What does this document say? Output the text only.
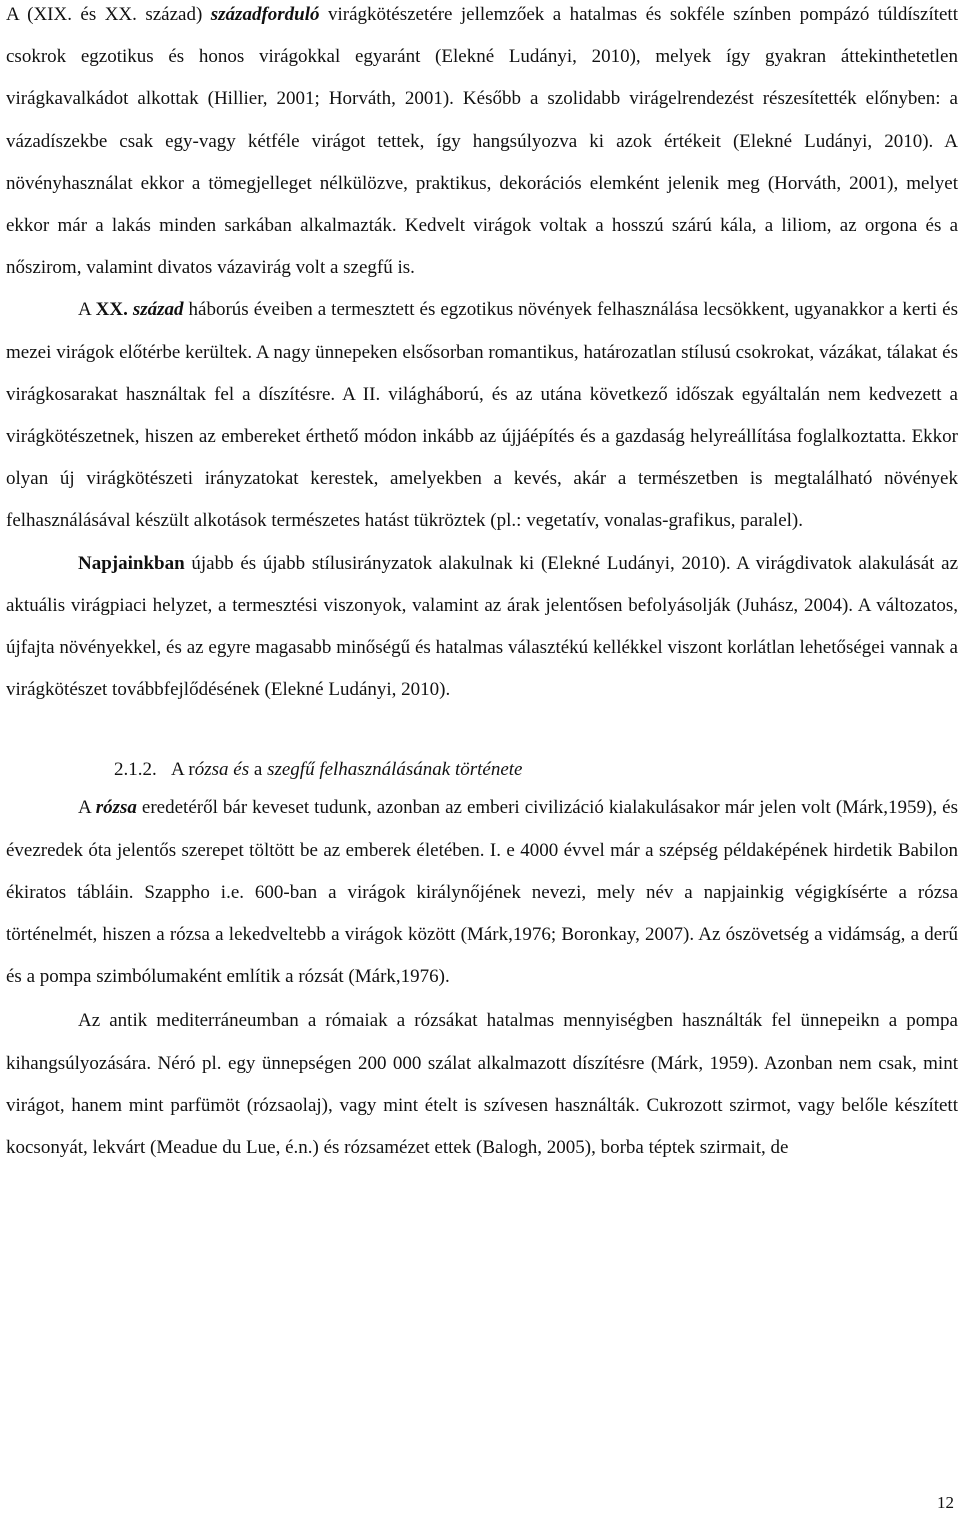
A (XIX. és XX. század) századforduló virágkötészetére jellemzőek a hatalmas és sokféle színben pompázó túldíszített csokrok egzotikus és honos virágokkal egyaránt (Elekné Ludányi, 2010), melyek így gyakran áttekinthetetlen virágkavalkádot alkottak (Hillier, 2001; Horváth, 2001). Később a szolidabb virágelrendezést részesítették előnyben: a vázadíszekbe csak egy-vagy kétféle virágot tettek, így hangsúlyozva ki azok értékeit (Elekné Ludányi, 2010). A növényhasználat ekkor a tömegjelleget nélkülözve, praktikus, dekorációs elemként jelenik meg (Horváth, 2001), melyet ekkor már a lakás minden sarkában alkalmazták. Kedvelt virágok voltak a hosszú szárú kála, a liliom, az orgona és a nőszirom, valamint divatos vázavirág volt a szegfű is.

A XX. század háborús éveiben a termesztett és egzotikus növények felhasználása lecsökkent, ugyanakkor a kerti és mezei virágok előtérbe kerültek. A nagy ünnepeken elsősorban romantikus, határozatlan stílusú csokrokat, vázákat, tálakat és virágkosarakat használtak fel a díszítésre. A II. világháború, és az utána következő időszak egyáltalán nem kedvezett a virágkötészetnek, hiszen az embereket érthető módon inkább az újjáépítés és a gazdaság helyreállítása foglalkoztatta. Ekkor olyan új virágkötészeti irányzatokat kerestek, amelyekben a kevés, akár a természetben is megtalálható növények felhasználásával készült alkotások természetes hatást tükröztek (pl.: vegetatív, vonalas-grafikus, paralel).

Napjainkban újabb és újabb stílusirányzatok alakulnak ki (Elekné Ludányi, 2010). A virágdivatok alakulását az aktuális virágpiaci helyzet, a termesztési viszonyok, valamint az árak jelentősen befolyásolják (Juhász, 2004). A változatos, újfajta növényekkel, és az egyre magasabb minőségű és hatalmas választékú kellékkel viszont korlátlan lehetőségei vannak a virágkötészet továbbfejlődésének (Elekné Ludányi, 2010).

2.1.2. A rózsa és a szegfű felhasználásának története

A rózsa eredetéről bár keveset tudunk, azonban az emberi civilizáció kialakulásakor már jelen volt (Márk,1959), és évezredek óta jelentős szerepet töltött be az emberek életében. I. e 4000 évvel már a szépség példaképének hirdetik Babilon ékiratos tábláin. Szappho i.e. 600-ban a virágok királynőjének nevezi, mely név a napjainkig végigkísérte a rózsa történelmét, hiszen a rózsa a lekedveltebb a virágok között (Márk,1976; Boronkay, 2007). Az ószövetség a vidámság, a derű és a pompa szimbólumaként említik a rózsát (Márk,1976).

Az antik mediterráneumban a rómaiak a rózsákat hatalmas mennyiségben használták fel ünnepeikn a pompa kihangsúlyozására. Néró pl. egy ünnepségen 200 000 szálat alkalmazott díszítésre (Márk, 1959). Azonban nem csak, mint virágot, hanem mint parfümöt (rózsaolaj), vagy mint ételt is szívesen használták. Cukrozott szirmot, vagy belőle készített kocsonyát, lekvárt (Meadue du Lue, é.n.) és rózsamézet ettek (Balogh, 2005), borba téptek szirmait, de

12
